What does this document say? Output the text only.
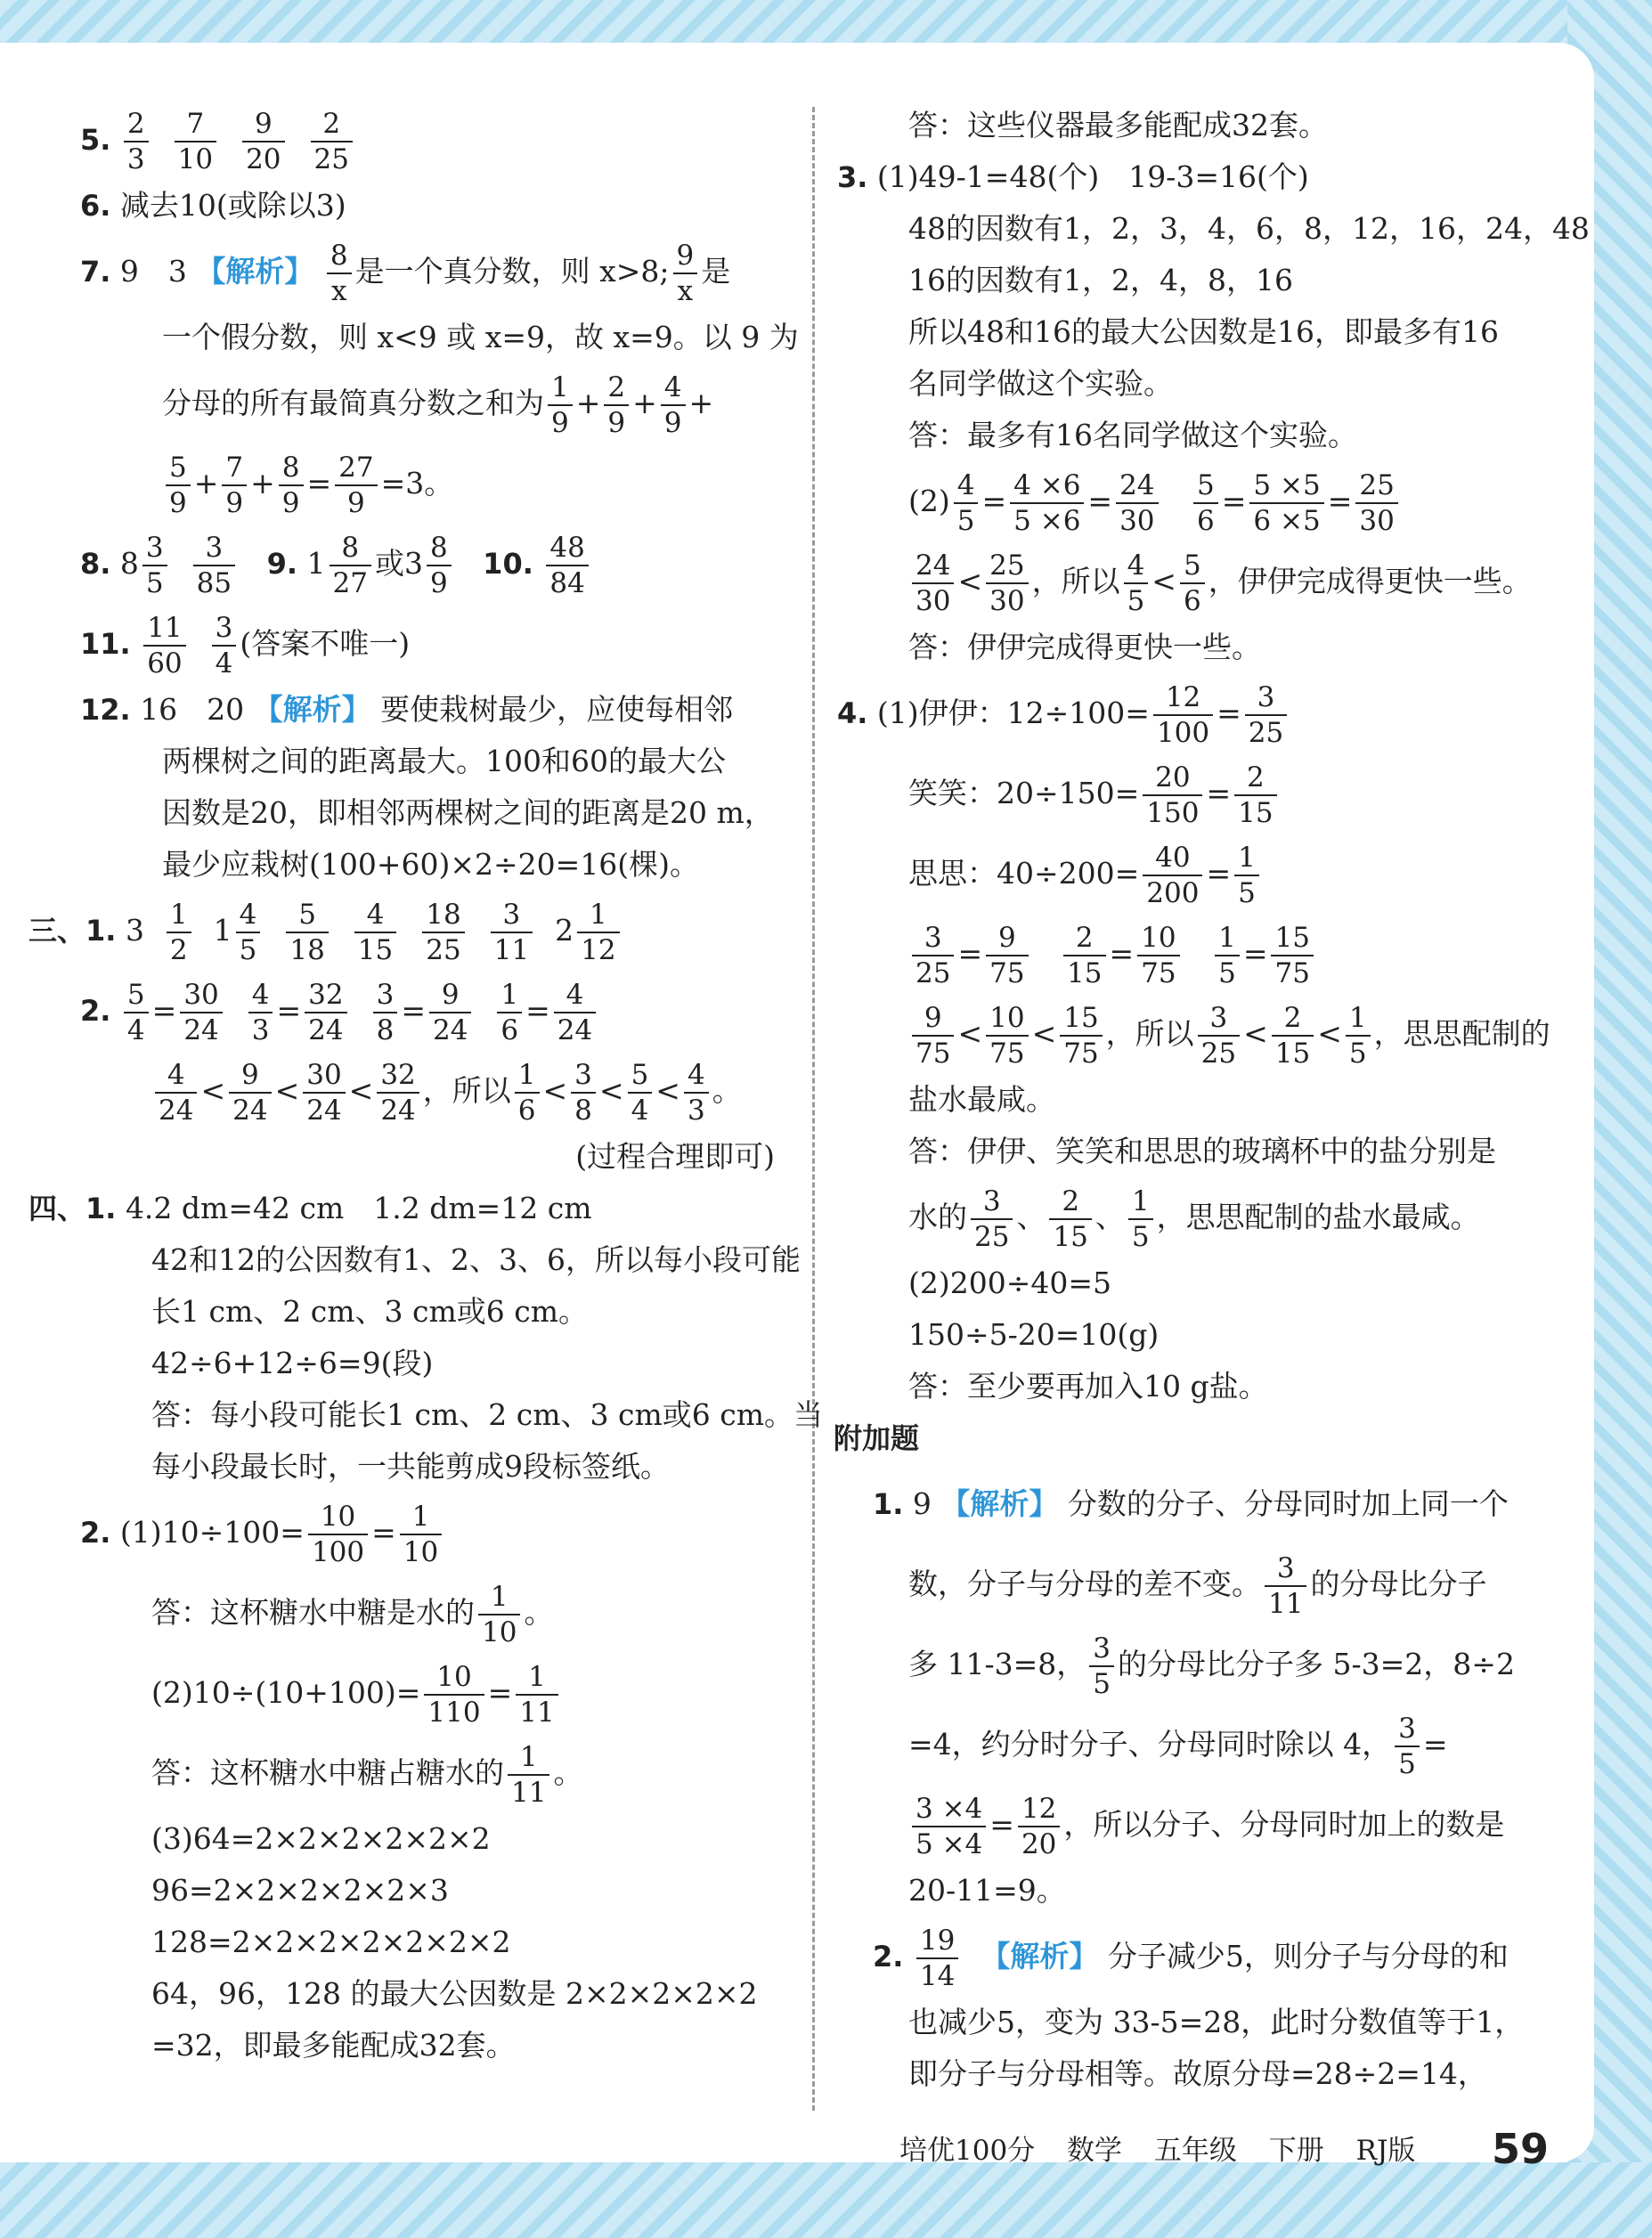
5. $\frac{2}{3}$
$\frac{7}{10}$
$\frac{9}{20}$
$\frac{2}{25}$
6. 减去10(或除以3)
7. 9　3 【解析】 $\frac{8}{x}$ 是一个真分数，则 x>8; $\frac{9}{x}$ 是
一个假分数，则 x<9 或 x=9，故 x=9。以 9 为
分母的所有最简真分数之和为 $\frac{1}{9} + \frac{2}{9} + \frac{4}{9}$ +
$\frac{5}{9} + \frac{7}{9} + \frac{8}{9} = \frac{27}{9} =3$。
8. $8 \frac{3}{5}$
$\frac{3}{85} 9$. $1 \frac{8}{27}$ 或$3 \frac{8}{9} 10$. $\frac{48}{84}$
11. $\frac{11}{60}$
$\frac{3}{4}$ (答案不唯一)
12. 16　20 【解析】 要使栽树最少，应使每相邻
两棵树之间的距离最大。100和60的最大公
因数是20，即相邻两棵树之间的距离是20 m，
最少应栽树(100+60)×2÷20=16(棵)。
三、1. $3 \frac{1}{2} 1 \frac{4}{5}$
$\frac{5}{18}$
$\frac{4}{15}$
$\frac{18}{25}$
$\frac{3}{11} 2 \frac{1}{12}$
2. $\frac{5}{4} = \frac{30}{24}$
$\frac{4}{3} = \frac{32}{24}$
$\frac{3}{8} = \frac{9}{24}$
$\frac{1}{6} = \frac{4}{24}$
$\frac{4}{24} < \frac{9}{24} < \frac{30}{24} < \frac{32}{24}$ ，所以 $\frac{1}{6} < \frac{3}{8} < \frac{5}{4} < \frac{4}{3}$ 。
(过程合理即可)
四、1. 4.2 dm=42 cm　1.2 dm=12 cm
42和12的公因数有1、2、3、6，所以每小段可能
长1 cm、2 cm、3 cm或6 cm。
42÷6+12÷6=9(段)
答：每小段可能长1 cm、2 cm、3 cm或6 cm。当
每小段最长时，一共能剪成9段标签纸。
2. $(1)10\div 100= \frac{10}{100} = \frac{1}{10}$
答：这杯糖水中糖是水的 $\frac{1}{10}$ 。
$(2)10\div(10+100)= \frac{10}{110} = \frac{1}{11}$
答：这杯糖水中糖占糖水的 $\frac{1}{11}$ 。
(3)64=2×2×2×2×2×2
96=2×2×2×2×2×3
128=2×2×2×2×2×2×2
64，96，128 的最大公因数是 2×2×2×2×2
=32，即最多能配成32套。
答：这些仪器最多能配成32套。
3. (1)49-1=48(个)　19-3=16(个)
48的因数有1，2，3，4，6，8，12，16，24，48
16的因数有1，2，4，8，16
所以48和16的最大公因数是16，即最多有16
名同学做这个实验。
答：最多有16名同学做这个实验。
$(2) \frac{4}{5} = \frac{4 \times 6}{5 \times 6} = \frac{24}{30}$
$\frac{5}{6} = \frac{5 \times 5}{6 \times 5} = \frac{25}{30}$
$\frac{24}{30} < \frac{25}{30}$ ，所以 $\frac{4}{5} < \frac{5}{6}$ ，伊伊完成得更快一些。
答：伊伊完成得更快一些。
4. (1)伊伊：$12\div 100= \frac{12}{100} = \frac{3}{25}$
笑笑：$20\div 150= \frac{20}{150} = \frac{2}{15}$
思思：$40\div 200= \frac{40}{200} = \frac{1}{5}$
$\frac{3}{25} = \frac{9}{75}$
$\frac{2}{15} = \frac{10}{75}$
$\frac{1}{5} = \frac{15}{75}$
$\frac{9}{75} < \frac{10}{75} < \frac{15}{75}$ ，所以 $\frac{3}{25} < \frac{2}{15} < \frac{1}{5}$ ，思思配制的
盐水最咸。
答：伊伊、笑笑和思思的玻璃杯中的盐分别是
水的 $\frac{3}{25}$ 、 $\frac{2}{15}$ 、 $\frac{1}{5}$ ，思思配制的盐水最咸。
(2)200÷40=5
150÷5-20=10(g)
答：至少要再加入10 g盐。
附加题
1. 9 【解析】 分数的分子、分母同时加上同一个
数，分子与分母的差不变。 $\frac{3}{11}$ 的分母比分子
多 11-3=8， $\frac{3}{5}$ 的分母比分子多 5-3=2，8÷2
=4，约分时分子、分母同时除以 4， $\frac{3}{5}$ =
$\frac{3 \times 4}{5 \times 4} = \frac{12}{20}$ ，所以分子、分母同时加上的数是
20-11=9。
2. $\frac{19}{14}$ 【解析】 分子减少5，则分子与分母的和
也减少5，变为 33-5=28，此时分数值等于1，
即分子与分母相等。故原分母=28÷2=14，
培优100分 数学 五年级 下册 RJ版	59
